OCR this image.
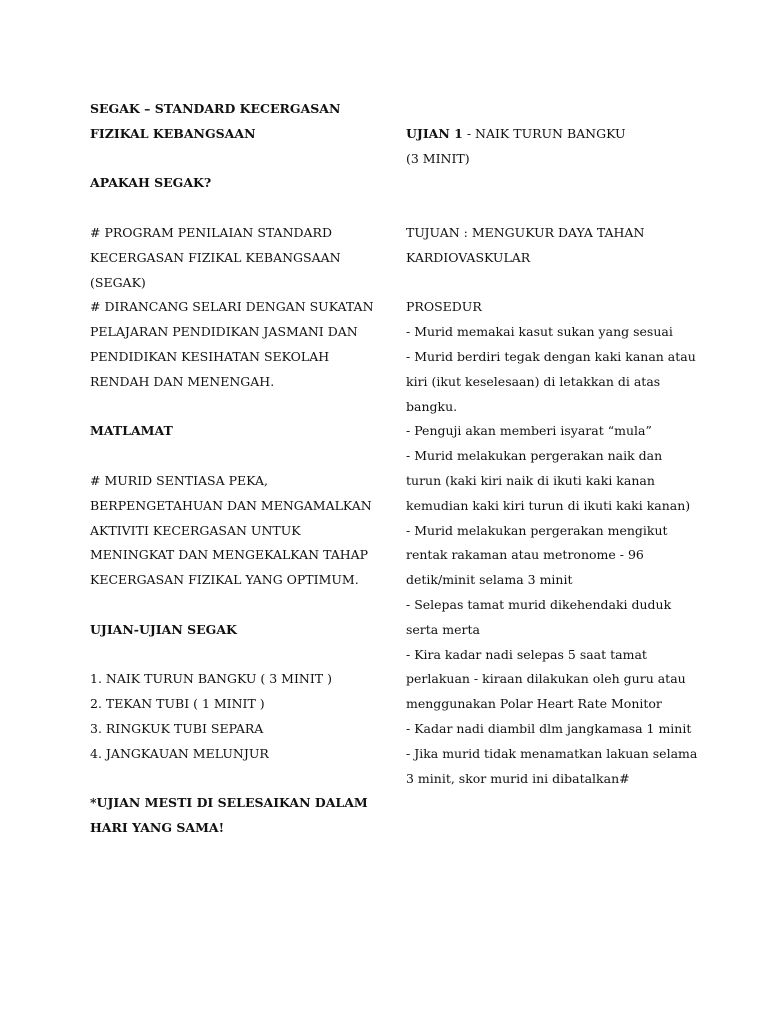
SEGAK – STANDARD KECERGASAN
FIZIKAL KEBANGSAAN
APAKAH SEGAK?
# PROGRAM PENILAIAN STANDARD
KECERGASAN FIZIKAL KEBANGSAAN
(SEGAK)
# DIRANCANG SELARI DENGAN SUKATAN
PELAJARAN PENDIDIKAN JASMANI DAN
PENDIDIKAN KESIHATAN SEKOLAH
RENDAH DAN MENENGAH.
MATLAMAT
# MURID SENTIASA PEKA,
BERPENGETAHUAN DAN MENGAMALKAN
AKTIVITI KECERGASAN UNTUK
MENINGKAT DAN MENGEKALKAN TAHAP
KECERGASAN FIZIKAL YANG OPTIMUM.
UJIAN-UJIAN SEGAK
1. NAIK TURUN BANGKU ( 3 MINIT )
2. TEKAN TUBI ( 1 MINIT )
3. RINGKUK TUBI SEPARA
4. JANGKAUAN MELUNJUR
*UJIAN MESTI DI SELESAIKAN DALAM
HARI YANG SAMA!
UJIAN 1 - NAIK TURUN BANGKU
(3 MINIT)
TUJUAN : MENGUKUR DAYA TAHAN
KARDIOVASKULAR
PROSEDUR
- Murid memakai kasut sukan yang sesuai
- Murid berdiri tegak dengan kaki kanan atau
kiri (ikut keselesaan) di letakkan di atas
bangku.
- Penguji akan memberi isyarat “mula”
- Murid melakukan pergerakan naik dan
turun (kaki kiri naik di ikuti kaki kanan
kemudian kaki kiri turun di ikuti kaki kanan)
- Murid melakukan pergerakan mengikut
rentak rakaman atau metronome - 96
detik/minit selama 3 minit
- Selepas tamat murid dikehendaki duduk
serta merta
- Kira kadar nadi selepas 5 saat tamat
perlakuan - kiraan dilakukan oleh guru atau
menggunakan Polar Heart Rate Monitor
- Kadar nadi diambil dlm jangkamasa 1 minit
- Jika murid tidak menamatkan lakuan selama
3 minit, skor murid ini dibatalkan#
